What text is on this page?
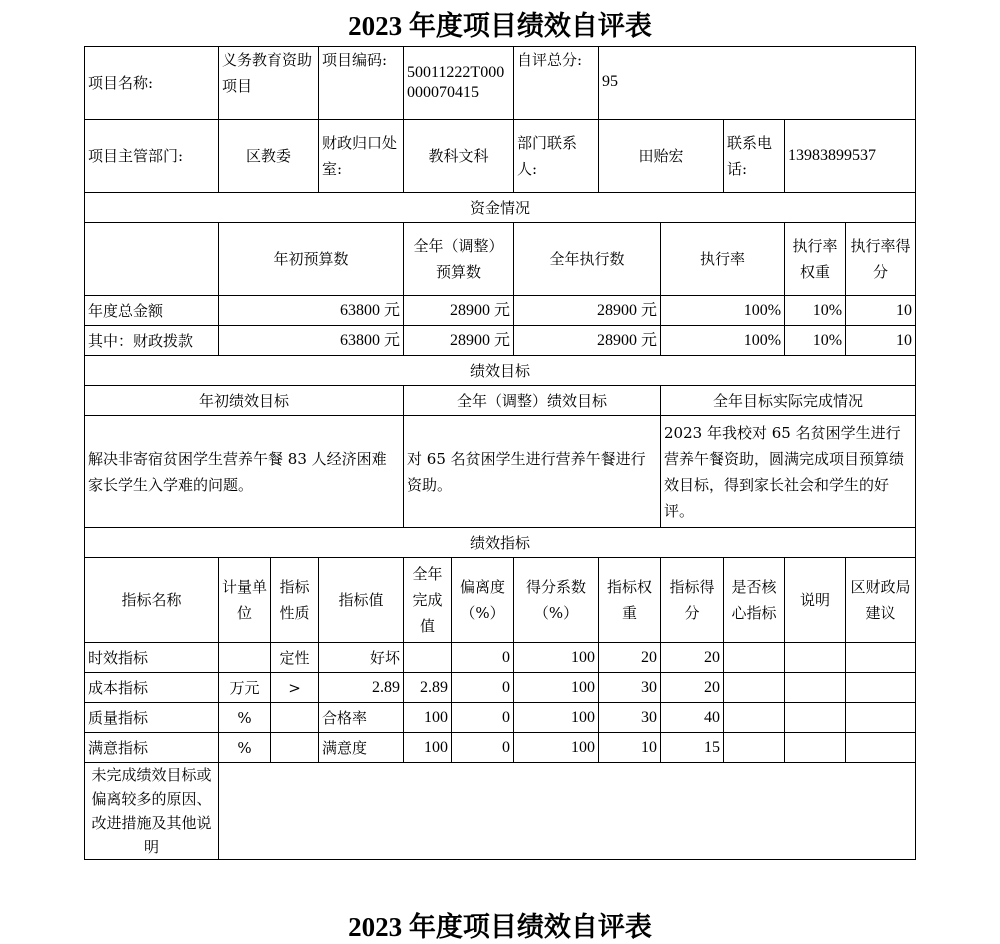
2023 年度项目绩效自评表
项目名称:	义务教育资助项目		项目编码:	50011222T000000070415		自评总分:	95				
项目主管部门:	区教委		财政归口处室:	教科文科		部门联系人:	田贻宏		联系电话:	13983899537	
资金情况											
	年初预算数			全年（调整）预算数		全年执行数		执行率		执行率权重	执行率得分
年度总金额	63800 元			28900 元		28900 元		100%		10%	10
其中：财政拨款	63800 元			28900 元		28900 元		100%		10%	10
绩效目标											
年初绩效目标				全年（调整）绩效目标				全年目标实际完成情况			
解决非寄宿贫困学生营养午餐 83 人经济困难家长学生入学难的问题。				对 65 名贫困学生进行营养午餐进行资助。				2023 年我校对 65 名贫困学生进行营养午餐资助，圆满完成项目预算绩效目标，得到家长社会和学生的好评。			
绩效指标											
指标名称	计量单位	指标性质	指标值	全年完成值	偏离度（%）	得分系数（%）	指标权重	指标得分	是否核心指标	说明	区财政局建议
时效指标		定性	好坏		0	100	20	20			
成本指标	万元	>	2.89	2.89	0	100	30	20			
质量指标	%		合格率	100	0	100	30	40			
满意指标	%		满意度	100	0	100	10	15			
未完成绩效目标或偏离较多的原因、改进措施及其他说明											
2023 年度项目绩效自评表
